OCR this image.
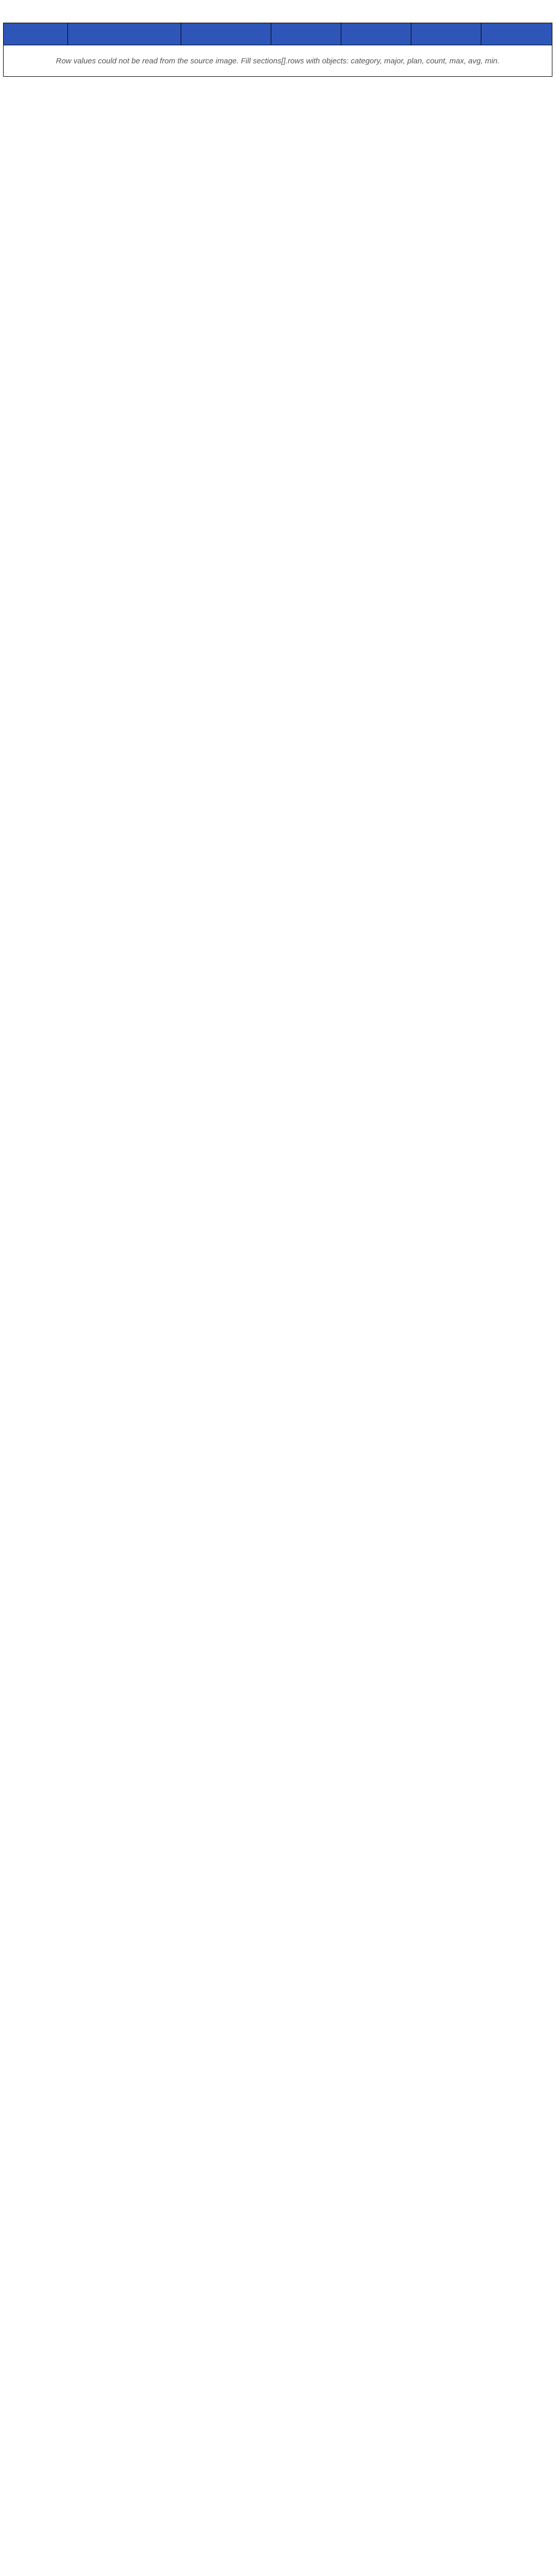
Row values could not be read from the source image. Fill sections[].rows with objects: category, major, plan, count, max, avg, min.
